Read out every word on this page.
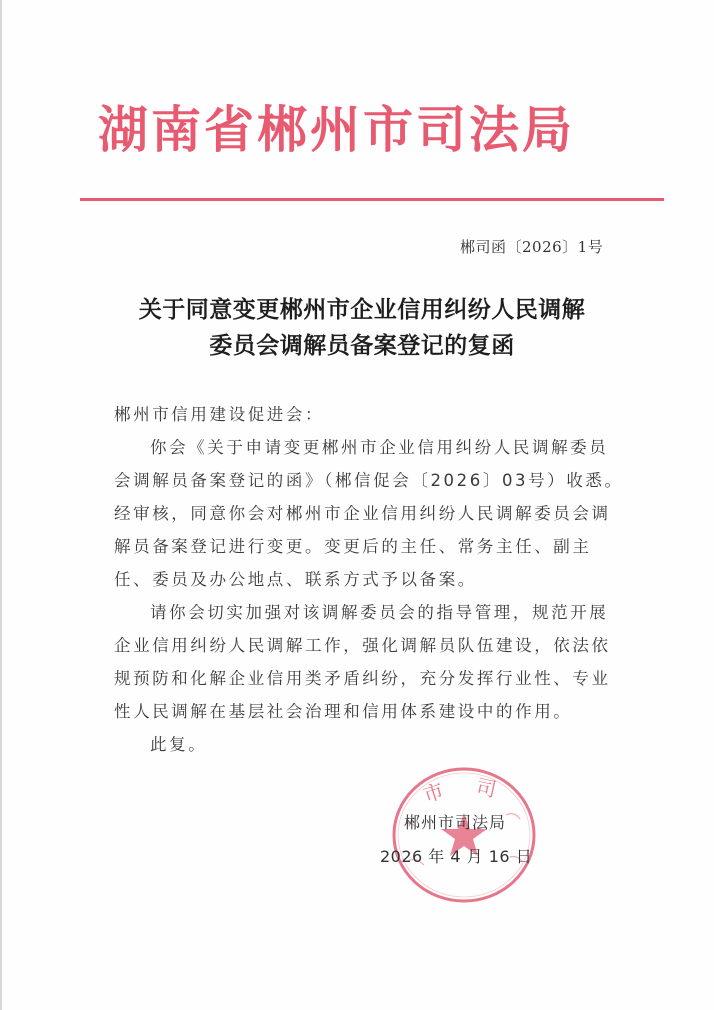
湖南省郴州市司法局
郴司函〔2026〕1号
关于同意变更郴州市企业信用纠纷人民调解
委员会调解员备案登记的复函

郴州市信用建设促进会：

你会《关于申请变更郴州市企业信用纠纷人民调解委员会调解员备案登记的函》（郴信促会〔2026〕03号）收悉。经审核，同意你会对郴州市企业信用纠纷人民调解委员会调解员备案登记进行变更。变更后的主任、常务主任、副主任、委员及办公地点、联系方式予以备案。

请你会切实加强对该调解委员会的指导管理，规范开展企业信用纠纷人民调解工作，强化调解员队伍建设，依法依规预防和化解企业信用类矛盾纠纷，充分发挥行业性、专业性人民调解在基层社会治理和信用体系建设中的作用。

此复。

市 司
郴州市司法局
2026 年 4 月 16 日
